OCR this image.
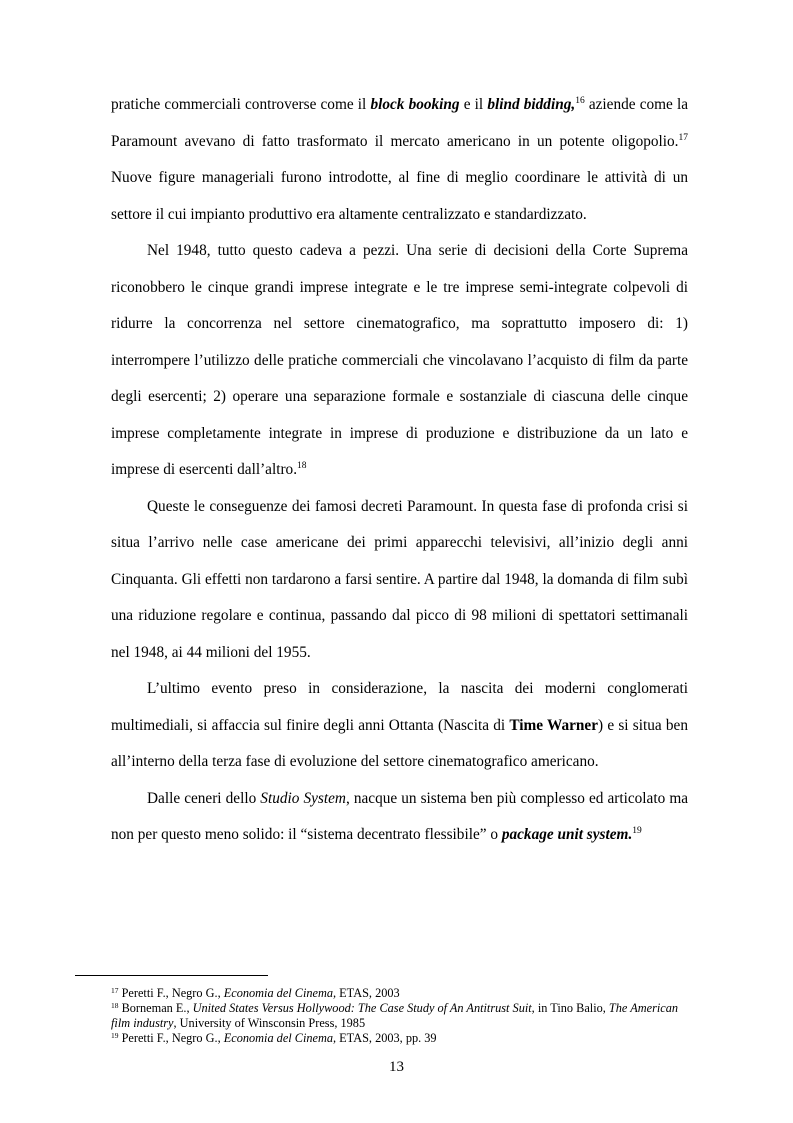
pratiche commerciali controverse come il block booking e il blind bidding,$^{16}$ aziende come la Paramount avevano di fatto trasformato il mercato americano in un potente oligopolio.$^{17}$ Nuove figure manageriali furono introdotte, al fine di meglio coordinare le attività di un settore il cui impianto produttivo era altamente centralizzato e standardizzato.

Nel 1948, tutto questo cadeva a pezzi. Una serie di decisioni della Corte Suprema riconobbero le cinque grandi imprese integrate e le tre imprese semi-integrate colpevoli di ridurre la concorrenza nel settore cinematografico, ma soprattutto imposero di: 1) interrompere l’utilizzo delle pratiche commerciali che vincolavano l’acquisto di film da parte degli esercenti; 2) operare una separazione formale e sostanziale di ciascuna delle cinque imprese completamente integrate in imprese di produzione e distribuzione da un lato e imprese di esercenti dall’altro.$^{18}$

Queste le conseguenze dei famosi decreti Paramount. In questa fase di profonda crisi si situa l’arrivo nelle case americane dei primi apparecchi televisivi, all’inizio degli anni Cinquanta. Gli effetti non tardarono a farsi sentire. A partire dal 1948, la domanda di film subì una riduzione regolare e continua, passando dal picco di 98 milioni di spettatori settimanali nel 1948, ai 44 milioni del 1955.

L’ultimo evento preso in considerazione, la nascita dei moderni conglomerati multimediali, si affaccia sul finire degli anni Ottanta (Nascita di Time Warner) e si situa ben all’interno della terza fase di evoluzione del settore cinematografico americano.

Dalle ceneri dello Studio System, nacque un sistema ben più complesso ed articolato ma non per questo meno solido: il “sistema decentrato flessibile” o package unit system.$^{19}$

$^{17}$ Peretti F., Negro G., Economia del Cinema, ETAS, 2003

$^{18}$ Borneman E., United States Versus Hollywood: The Case Study of An Antitrust Suit, in Tino Balio, The American film industry, University of Winsconsin Press, 1985

$^{19}$ Peretti F., Negro G., Economia del Cinema, ETAS, 2003, pp. 39

13
